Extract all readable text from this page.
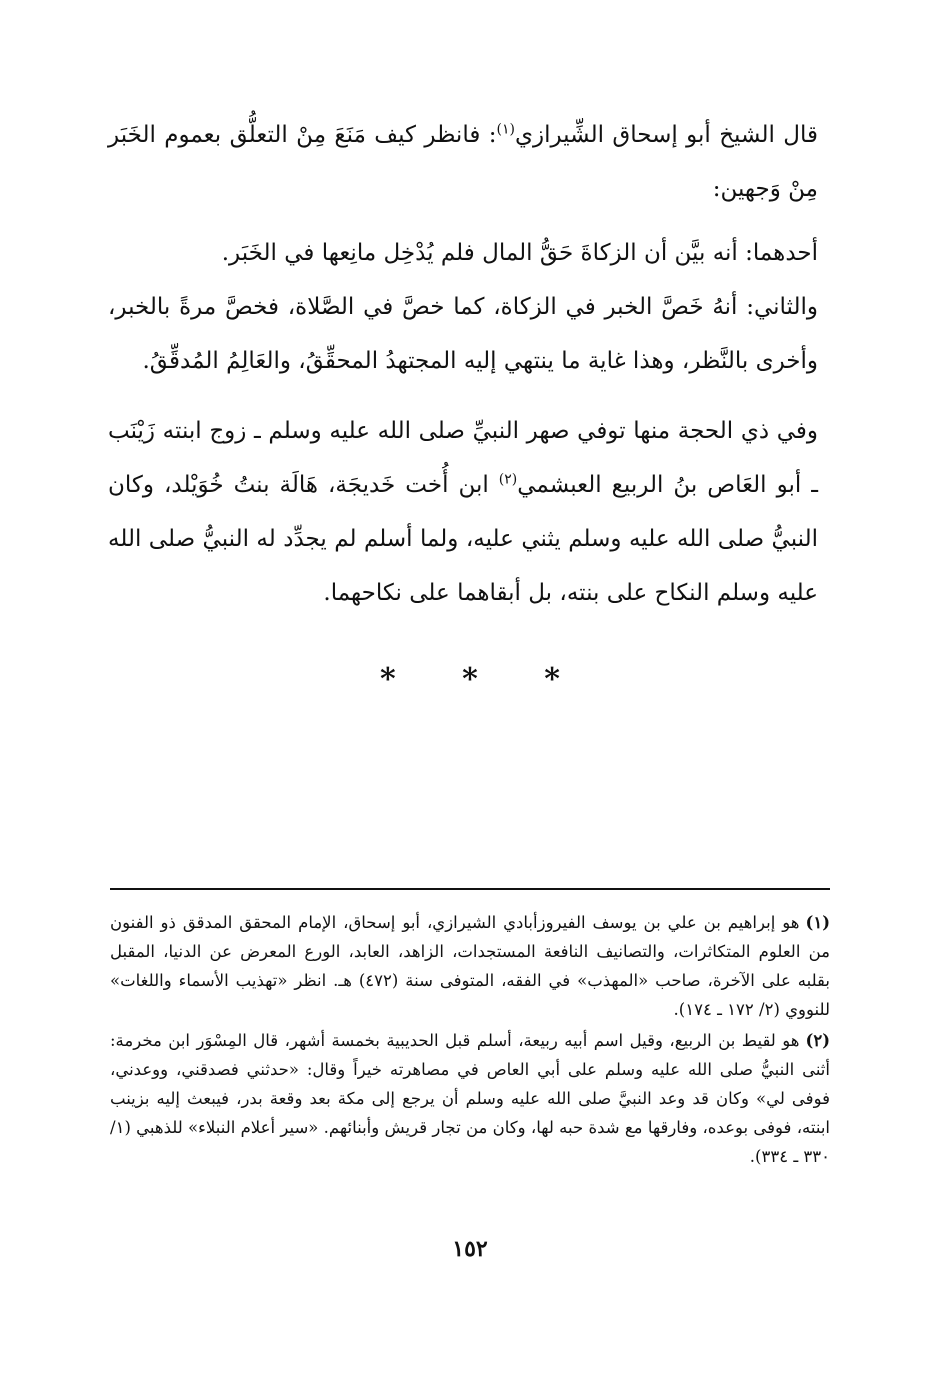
قال الشيخ أبو إسحاق الشِّيرازي$^{(١)}$: فانظر كيف مَنَعَ مِنْ التعلُّق بعموم الخَبَر مِنْ وَجهين:

أحدهما: أنه بيَّن أن الزكاةَ حَقُّ المال فلم يُدْخِل مانِعها في الخَبَر.

والثاني: أنهُ خَصَّ الخبر في الزكاة، كما خصَّ في الصَّلاة، فخصَّ مرةً بالخبر، وأخرى بالنَّظر، وهذا غاية ما ينتهي إليه المجتهدُ المحقِّقُ، والعَالِمُ المُدقِّقُ.

وفي ذي الحجة منها توفي صهر النبيِّ صلى الله عليه وسلم ـ زوج ابنته زَيْنَب ـ أبو العَاص بنُ الربيع العبشمي$^{(٢)}$ ابن أُخت خَديجَة، هَالَة بنتُ خُوَيْلد، وكان النبيُّ صلى الله عليه وسلم يثني عليه، ولما أسلم لم يجدِّد له النبيُّ صلى الله عليه وسلم النكاح على بنته، بل أبقاهما على نكاحهما.

* * *

(١)هو إبراهيم بن علي بن يوسف الفيروزأبادي الشيرازي، أبو إسحاق، الإمام المحقق المدقق ذو الفنون من العلوم المتكاثرات، والتصانيف النافعة المستجدات، الزاهد، العابد، الورع المعرض عن الدنيا، المقبل بقلبه على الآخرة، صاحب «المهذب» في الفقه، المتوفى سنة (٤٧٢) هـ. انظر «تهذيب الأسماء واللغات» للنووي (٢/ ١٧٢ ـ ١٧٤).

(٢)هو لقيط بن الربيع، وقيل اسم أبيه ربيعة، أسلم قبل الحديبية بخمسة أشهر، قال المِسْوَر ابن مخرمة: أثنى النبيُّ صلى الله عليه وسلم على أبي العاص في مصاهرته خيراً وقال: «حدثني فصدقني، ووعدني، فوفى لي» وكان قد وعد النبيَّ صلى الله عليه وسلم أن يرجع إلى مكة بعد وقعة بدر، فيبعث إليه بزينب ابنته، فوفى بوعده، وفارقها مع شدة حبه لها، وكان من تجار قريش وأبنائهم. «سير أعلام النبلاء» للذهبي (١/ ٣٣٠ ـ ٣٣٤).

١٥٢
